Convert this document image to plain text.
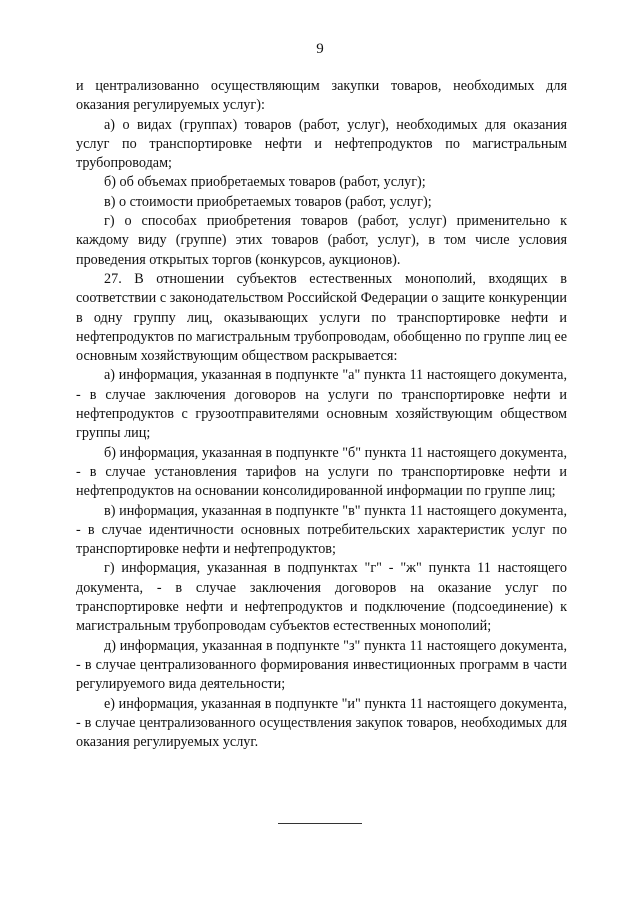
9

и централизованно осуществляющим закупки товаров, необходимых для оказания регулируемых услуг):

а) о видах (группах) товаров (работ, услуг), необходимых для оказания услуг по транспортировке нефти и нефтепродуктов по магистральным трубопроводам;

б) об объемах приобретаемых товаров (работ, услуг);

в) о стоимости приобретаемых товаров (работ, услуг);

г) о способах приобретения товаров (работ, услуг) применительно к каждому виду (группе) этих товаров (работ, услуг), в том числе условия проведения открытых торгов (конкурсов, аукционов).

27. В отношении субъектов естественных монополий, входящих в соответствии с законодательством Российской Федерации о защите конкуренции в одну группу лиц, оказывающих услуги по транспортировке нефти и нефтепродуктов по магистральным трубопроводам, обобщенно по группе лиц ее основным хозяйствующим обществом раскрывается:

а) информация, указанная в подпункте "а" пункта 11 настоящего документа, - в случае заключения договоров на услуги по транспортировке нефти и нефтепродуктов с грузоотправителями основным хозяйствующим обществом группы лиц;

б) информация, указанная в подпункте "б" пункта 11 настоящего документа, - в случае установления тарифов на услуги по транспортировке нефти и нефтепродуктов на основании консолидированной информации по группе лиц;

в) информация, указанная в подпункте "в" пункта 11 настоящего документа, - в случае идентичности основных потребительских характеристик услуг по транспортировке нефти и нефтепродуктов;

г) информация, указанная в подпунктах "г" - "ж" пункта 11 настоящего документа, - в случае заключения договоров на оказание услуг по транспортировке нефти и нефтепродуктов и подключение (подсоединение) к магистральным трубопроводам субъектов естественных монополий;

д) информация, указанная в подпункте "з" пункта 11 настоящего документа, - в случае централизованного формирования инвестиционных программ в части регулируемого вида деятельности;

е) информация, указанная в подпункте "и" пункта 11 настоящего документа, - в случае централизованного осуществления закупок товаров, необходимых для оказания регулируемых услуг.
